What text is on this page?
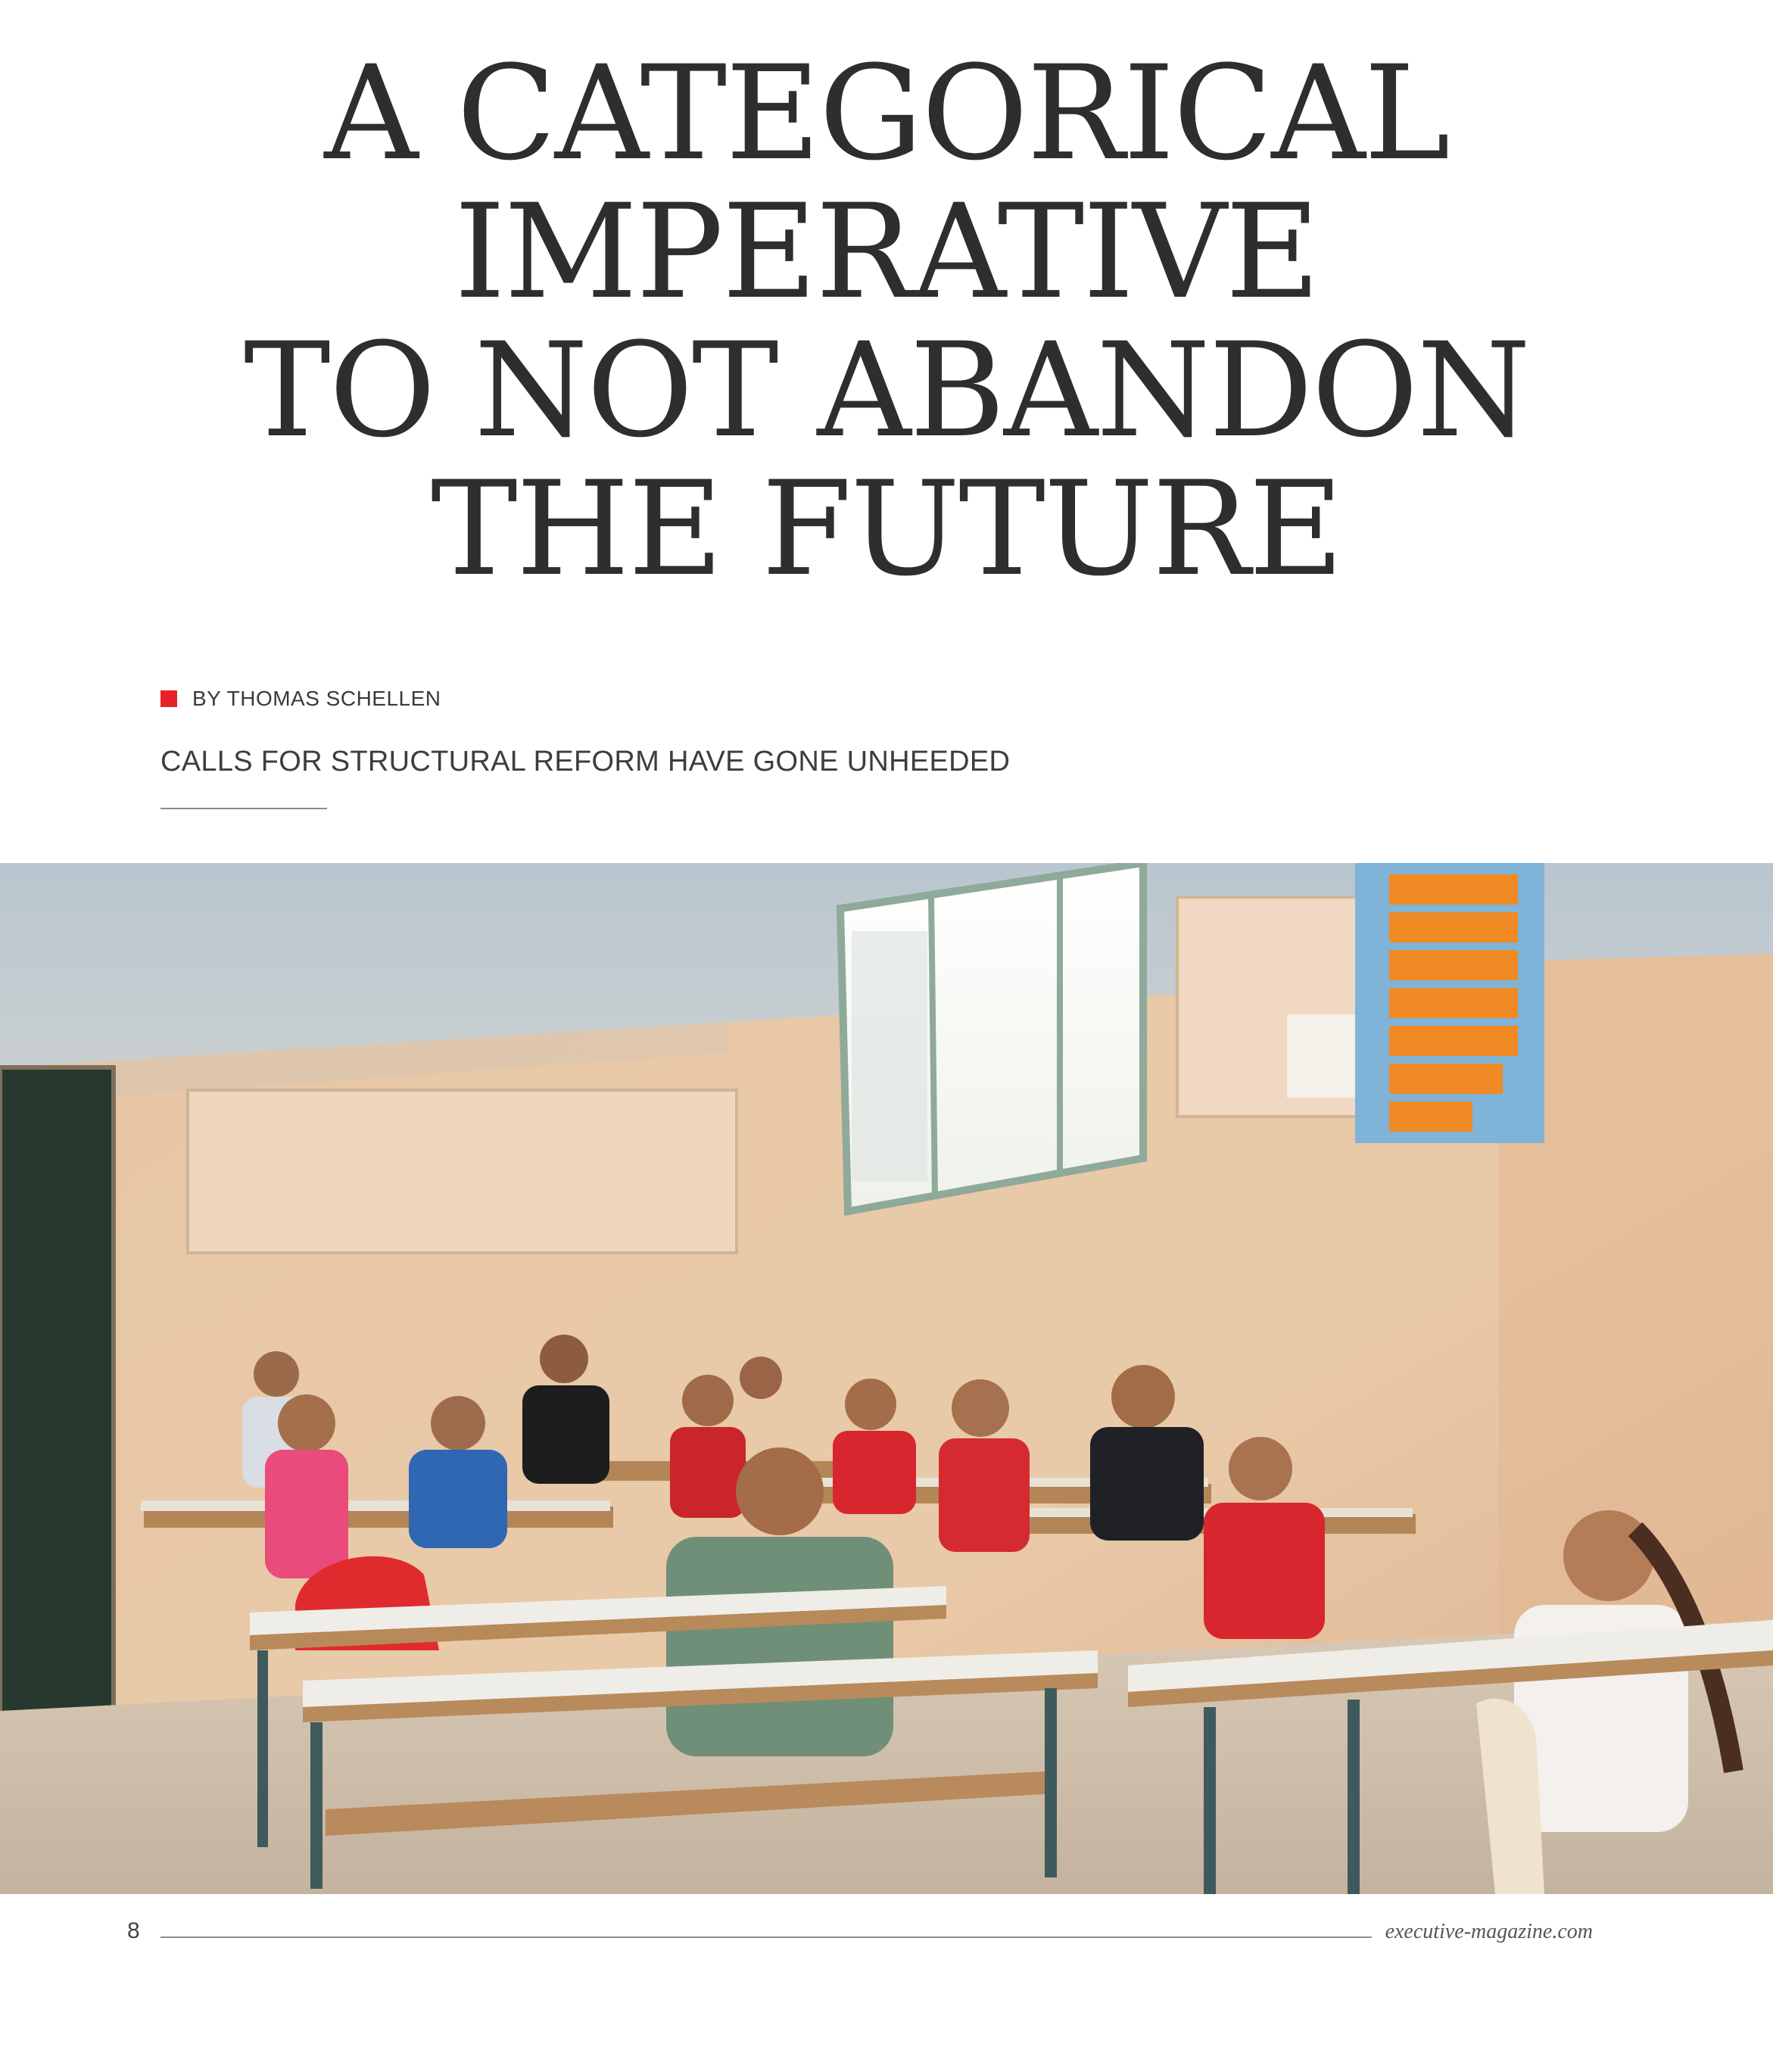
A CATEGORICAL
IMPERATIVE
TO NOT ABANDON
THE FUTURE
BY THOMAS SCHELLEN
CALLS FOR STRUCTURAL REFORM HAVE GONE UNHEEDED
8	executive-magazine.com
